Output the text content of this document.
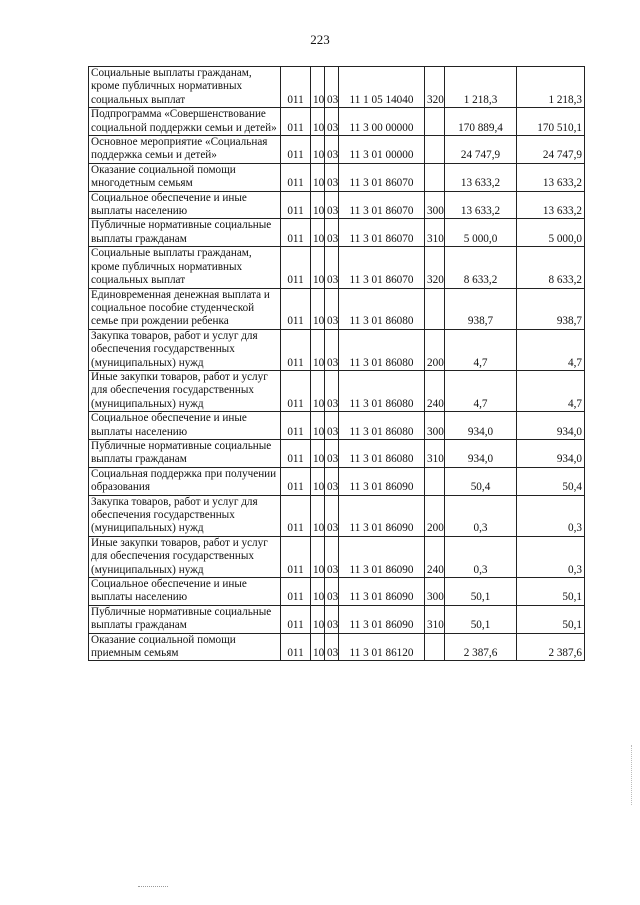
223
Социальные выплаты гражданам, кроме публичных нормативных социальных выплат	011	10	03	11 1 05 14040	320	1 218,3	1 218,3

Подпрограмма «Совершенствование социальной поддержки семьи и детей»	011	10	03	11 3 00 00000		170 889,4	170 510,1

Основное мероприятие «Социальная поддержка семьи и детей»	011	10	03	11 3 01 00000		24 747,9	24 747,9

Оказание социальной помощи многодетным семьям	011	10	03	11 3 01 86070		13 633,2	13 633,2

Социальное обеспечение и иные выплаты населению	011	10	03	11 3 01 86070	300	13 633,2	13 633,2

Публичные нормативные социальные выплаты гражданам	011	10	03	11 3 01 86070	310	5 000,0	5 000,0

Социальные выплаты гражданам, кроме публичных нормативных социальных выплат	011	10	03	11 3 01 86070	320	8 633,2	8 633,2

Единовременная денежная выплата и социальное пособие студенческой семье при рождении ребенка	011	10	03	11 3 01 86080		938,7	938,7

Закупка товаров, работ и услуг для обеспечения государственных (муниципальных) нужд	011	10	03	11 3 01 86080	200	4,7	4,7

Иные закупки товаров, работ и услуг для обеспечения государственных (муниципальных) нужд	011	10	03	11 3 01 86080	240	4,7	4,7

Социальное обеспечение и иные выплаты населению	011	10	03	11 3 01 86080	300	934,0	934,0

Публичные нормативные социальные выплаты гражданам	011	10	03	11 3 01 86080	310	934,0	934,0

Социальная поддержка при получении образования	011	10	03	11 3 01 86090		50,4	50,4

Закупка товаров, работ и услуг для обеспечения государственных (муниципальных) нужд	011	10	03	11 3 01 86090	200	0,3	0,3

Иные закупки товаров, работ и услуг для обеспечения государственных (муниципальных) нужд	011	10	03	11 3 01 86090	240	0,3	0,3

Социальное обеспечение и иные выплаты населению	011	10	03	11 3 01 86090	300	50,1	50,1

Публичные нормативные социальные выплаты гражданам	011	10	03	11 3 01 86090	310	50,1	50,1

Оказание социальной помощи приемным семьям	011	10	03	11 3 01 86120		2 387,6	2 387,6
